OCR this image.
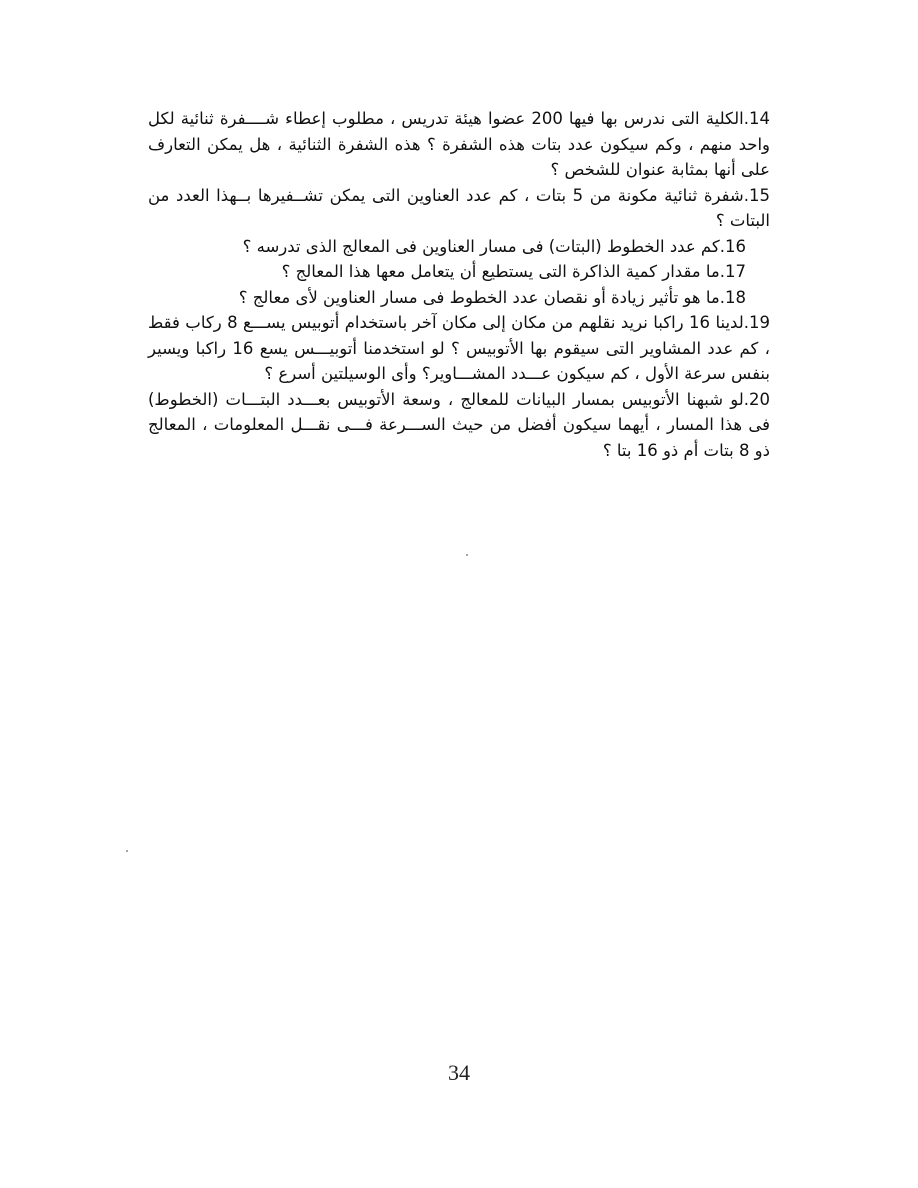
.14الكلية التى ندرس بها فيها 200 عضوا هيئة تدريس ، مطلوب إعطاء شــــفرة ثنائية لكل واحد منهم ، وكم سيكون عدد بتات هذه الشفرة ؟ هذه الشفرة الثنائية ، هل يمكن التعارف على أنها بمثابة عنوان للشخص ؟
.15شفرة ثنائية مكونة من 5 بتات ، كم عدد العناوين التى يمكن تشــفيرها بــهذا العدد من البتات ؟
.16كم عدد الخطوط (البتات) فى مسار العناوين فى المعالج الذى تدرسه ؟
.17ما مقدار كمية الذاكرة التى يستطيع أن يتعامل معها هذا المعالج ؟
.18ما هو تأثير زيادة أو نقصان عدد الخطوط فى مسار العناوين لأى معالج ؟
.19لدينا 16 راكبا نريد نقلهم من مكان إلى مكان آخر باستخدام أتوبيس يســـع 8 ركاب فقط ، كم عدد المشاوير التى سيقوم بها الأتوبيس ؟ لو استخدمنا أتوبيـــس يسع 16 راكبا ويسير بنفس سرعة الأول ، كم سيكون عـــدد المشـــاوير؟ وأى الوسيلتين أسرع ؟
.20لو شبهنا الأتوبيس بمسار البيانات للمعالج ، وسعة الأتوبيس بعـــدد البتـــات (الخطوط) فى هذا المسار ، أيهما سيكون أفضل من حيث الســـرعة فـــى نقـــل المعلومات ، المعالج ذو 8 بتات أم ذو 16 بتا ؟
34
